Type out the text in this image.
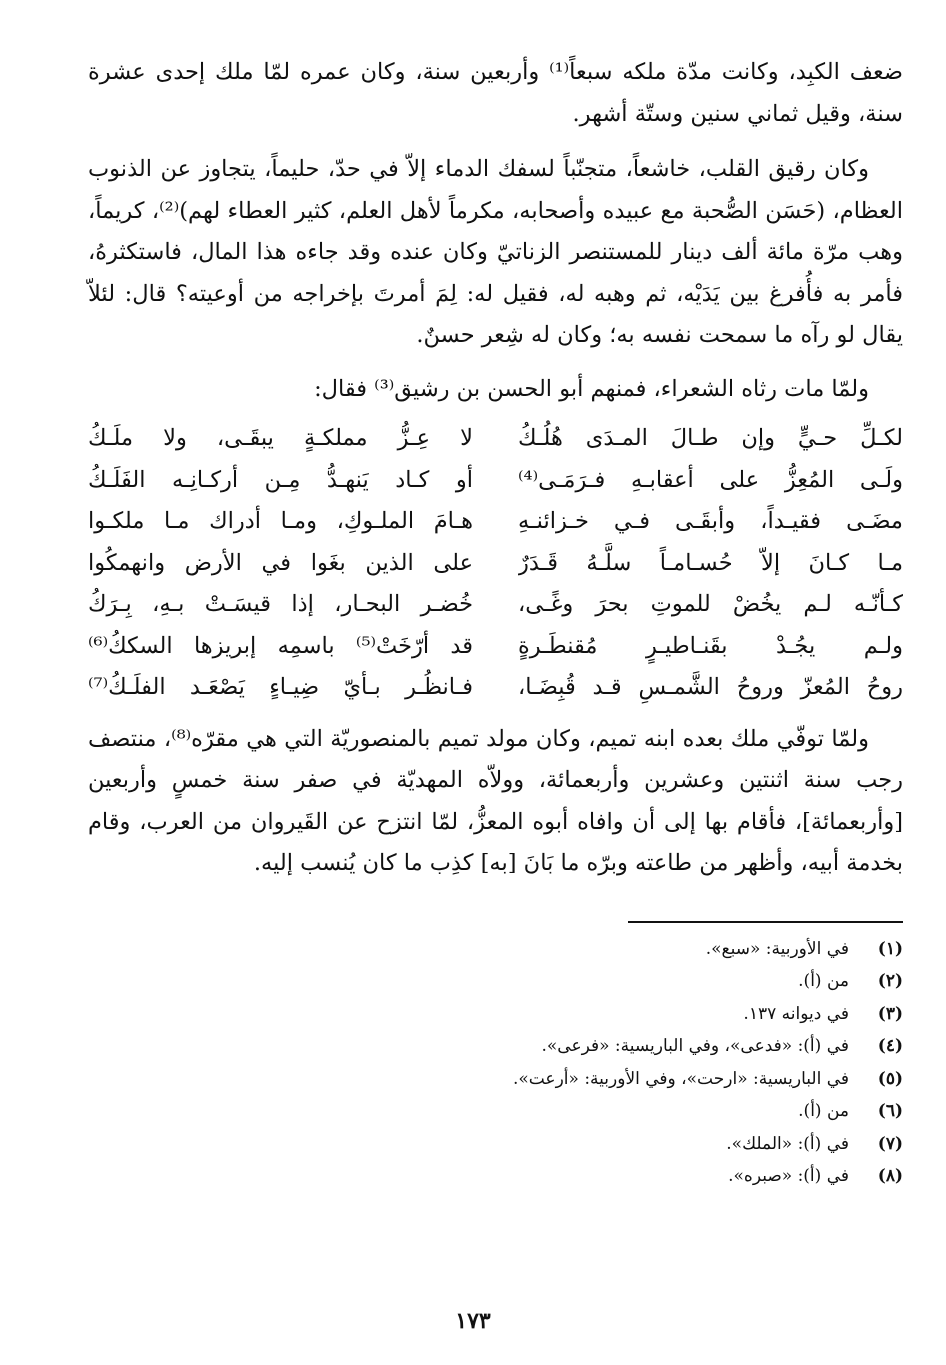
ضعف الكبِد، وكانت مدّة ملكه سبعاً⁽¹⁾ وأربعين سنة، وكان عمره لمّا ملك إحدى عشرة سنة، وقيل ثماني سنين وستّة أشهر.

وكان رقيق القلب، خاشعاً، متجنّباً لسفك الدماء إلاّ في حدّ، حليماً، يتجاوز عن الذنوب العظام، (حَسَن الصُّحبة مع عبيده وأصحابه، مكرماً لأهل العلم، كثير العطاء لهم)⁽²⁾، كريماً، وهب مرّة مائة ألف دينار للمستنصر الزناتيّ وكان عنده وقد جاءه هذا المال، فاستكثرهُ، فأمر به فأُفرغ بين يَدَيْه، ثم وهبه له، فقيل له: لِمَ أمرتَ بإخراجه من أوعيته؟ قال: لئلاّ يقال لو رآه ما سمحت نفسه به؛ وكان له شِعر حسنٌ.

ولمّا مات رثاه الشعراء، فمنهم أبو الحسن بن رشيق⁽³⁾ فقال:

لكـلِّ حـيٍّ وإن طـالَ المـدَى هُلُـكُ
لا عِـزُّ مملكـةٍ يبقَـى، ولا ملَـكُ
ولَـى المُعِزُّ على أعقابـهِ فـرَمَـى⁽⁴⁾
أو كـاد يَنهـدُّ مِـن أركـانِـه الفَلَـكُ
مضَـى فقيـداً، وأبقَـى فـي خـزائنـهِ
هـامَ الملـوكِ، ومـا أدراك مـا ملكـوا
مـا كـانَ إلاّ حُسـامـاً سلَّـهُ قَـدَرٌ
على الذين بغَوا في الأرض وانهمكُوا
كـأنّـه لـم يخُضْ للموتِ بحرَ وغًـى،
خُضـر البحـار، إذا قيسَـتْ بـهِ، بِـرَكُ
ولـم يجُـدْ بقَنـاطيـرٍ مُقنطَـرةٍ
قد أرّخَتْ⁽⁵⁾ باسمِه إبريزها السككُ⁽⁶⁾
روحُ المُعزّ وروحُ الشَّمـسِ قـد قُبِضَـا،
فـانظُـر بـأيّ ضِيـاءٍ يَصْعَـد الفلَـكُ⁽⁷⁾

ولمّا توفّي ملك بعده ابنه تميم، وكان مولد تميم بالمنصوريّة التي هي مقرّه⁽⁸⁾، منتصف رجب سنة اثنتين وعشرين وأربعمائة، وولاّه المهديّة في صفر سنة خمسٍ وأربعين [وأربعمائة]، فأقام بها إلى أن وافاه أبوه المعزُّ، لمّا انتزح عن القَيروان من العرب، وقام بخدمة أبيه، وأظهر من طاعته وبرّه ما بَانَ [به] كذِب ما كان يُنسب إليه.

(١)
في الأوربية: «سبع».
(٢)
من (أ).
(٣)
في ديوانه ١٣٧.
(٤)
في (أ): «فدعى»، وفي الباريسية: «فرعى».
(٥)
في الباريسية: «ارحت»، وفي الأوربية: «أرعت».
(٦)
من (أ).
(٧)
في (أ): «الملك».
(٨)
في (أ): «صبره».
١٧٣
